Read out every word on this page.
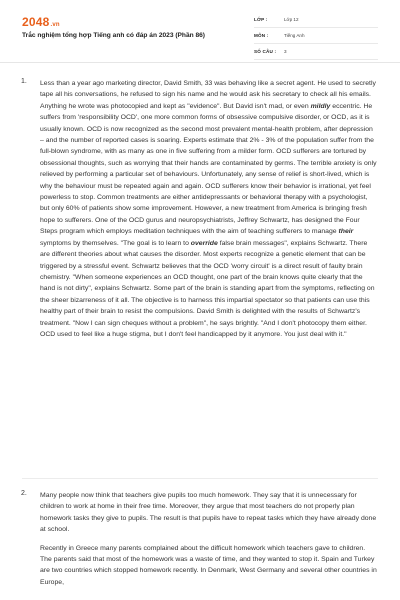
2048.vn
Trắc nghiệm tổng hợp Tiếng anh có đáp án 2023 (Phần 86)
LỚP :	Lớp 12
MÔN :	Tiếng Anh
SỐ CÂU :	3
1. Less than a year ago marketing director, David Smith, 33 was behaving like a secret agent. He used to secretly tape all his conversations, he refused to sign his name and he would ask his secretary to check all his emails. Anything he wrote was photocopied and kept as "evidence". But David isn't mad, or even mildly eccentric. He suffers from 'responsibility OCD', one more common forms of obsessive compulsive disorder, or OCD, as it is usually known. OCD is now recognized as the second most prevalent mental-health problem, after depression – and the number of reported cases is soaring. Experts estimate that 2% - 3% of the population suffer from the full-blown syndrome, with as many as one in five suffering from a milder form. OCD sufferers are tortured by obsessional thoughts, such as worrying that their hands are contaminated by germs. The terrible anxiety is only relieved by performing a particular set of behaviours. Unfortunately, any sense of relief is short-lived, which is why the behaviour must be repeated again and again. OCD sufferers know their behavior is irrational, yet feel powerless to stop. Common treatments are either antidepressants or behavioral therapy with a psychologist, but only 60% of patients show some improvement. However, a new treatment from America is bringing fresh hope to sufferers. One of the OCD gurus and neuropsychiatrists, Jeffrey Schwartz, has designed the Four Steps program which employs meditation techniques with the aim of teaching sufferers to manage their symptoms by themselves. "The goal is to learn to override false brain messages", explains Schwartz. There are different theories about what causes the disorder. Most experts recognize a genetic element that can be triggered by a stressful event. Schwartz believes that the OCD 'worry circuit' is a direct result of faulty brain chemistry. "When someone experiences an OCD thought, one part of the brain knows quite clearly that the hand is not dirty", explains Schwartz. Some part of the brain is standing apart from the symptoms, reflecting on the sheer bizarreness of it all. The objective is to harness this impartial spectator so that patients can use this healthy part of their brain to resist the compulsions. David Smith is delighted with the results of Schwartz's treatment. "Now I can sign cheques without a problem", he says brightly. "And I don't photocopy them either. OCD used to feel like a huge stigma, but I don't feel handicapped by it anymore. You just deal with it."

2. Many people now think that teachers give pupils too much homework. They say that it is unnecessary for children to work at home in their free time. Moreover, they argue that most teachers do not properly plan homework tasks they give to pupils. The result is that pupils have to repeat tasks which they have already done at school.

Recently in Greece many parents complained about the difficult homework which teachers gave to children. The parents said that most of the homework was a waste of time, and they wanted to stop it. Spain and Turkey are two countries which stopped homework recently. In Denmark, West Germany and several other countries in Europe,
